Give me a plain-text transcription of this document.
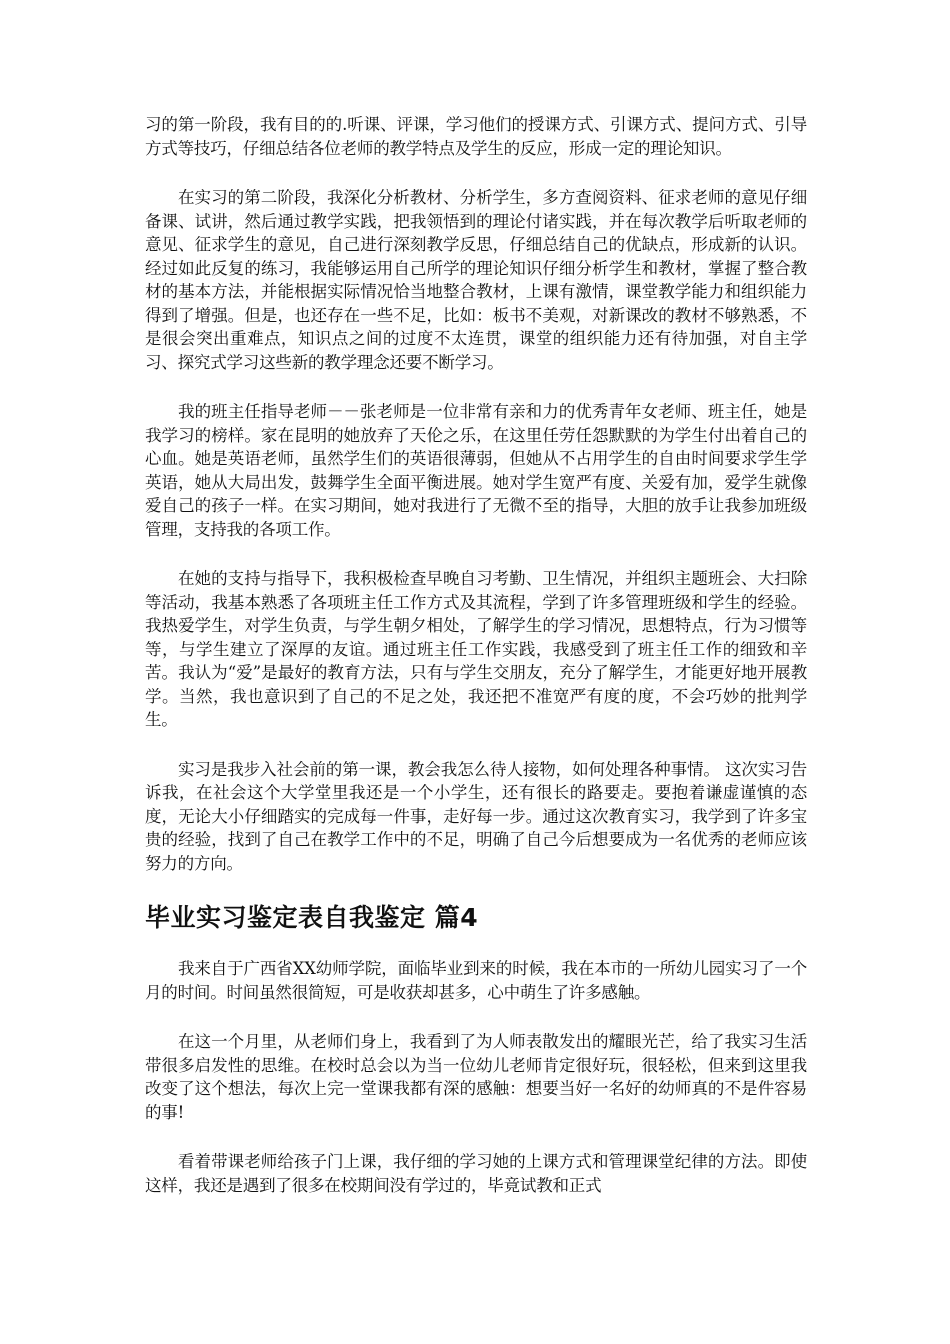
习的第一阶段，我有目的的.听课、评课，学习他们的授课方式、引课方式、提问方式、引导方式等技巧，仔细总结各位老师的教学特点及学生的反应，形成一定的理论知识。

在实习的第二阶段，我深化分析教材、分析学生，多方查阅资料、征求老师的意见仔细备课、试讲，然后通过教学实践，把我领悟到的理论付诸实践，并在每次教学后听取老师的意见、征求学生的意见，自己进行深刻教学反思，仔细总结自己的优缺点，形成新的认识。经过如此反复的练习，我能够运用自己所学的理论知识仔细分析学生和教材，掌握了整合教材的基本方法，并能根据实际情况恰当地整合教材，上课有激情，课堂教学能力和组织能力得到了增强。但是，也还存在一些不足，比如：板书不美观，对新课改的教材不够熟悉，不是很会突出重难点，知识点之间的过度不太连贯，课堂的组织能力还有待加强，对自主学习、探究式学习这些新的教学理念还要不断学习。

我的班主任指导老师－－张老师是一位非常有亲和力的优秀青年女老师、班主任，她是我学习的榜样。家在昆明的她放弃了天伦之乐，在这里任劳任怨默默的为学生付出着自己的心血。她是英语老师，虽然学生们的英语很薄弱，但她从不占用学生的自由时间要求学生学英语，她从大局出发，鼓舞学生全面平衡进展。她对学生宽严有度、关爱有加，爱学生就像爱自己的孩子一样。在实习期间，她对我进行了无微不至的指导，大胆的放手让我参加班级管理，支持我的各项工作。

在她的支持与指导下，我积极检查早晚自习考勤、卫生情况，并组织主题班会、大扫除等活动，我基本熟悉了各项班主任工作方式及其流程，学到了许多管理班级和学生的经验。我热爱学生，对学生负责，与学生朝夕相处，了解学生的学习情况，思想特点，行为习惯等等，与学生建立了深厚的友谊。通过班主任工作实践，我感受到了班主任工作的细致和辛苦。我认为“爱”是最好的教育方法，只有与学生交朋友，充分了解学生，才能更好地开展教学。当然，我也意识到了自己的不足之处，我还把不准宽严有度的度，不会巧妙的批判学生。

实习是我步入社会前的第一课，教会我怎么待人接物，如何处理各种事情。 这次实习告诉我，在社会这个大学堂里我还是一个小学生，还有很长的路要走。要抱着谦虚谨慎的态度，无论大小仔细踏实的完成每一件事，走好每一步。通过这次教育实习，我学到了许多宝贵的经验，找到了自己在教学工作中的不足，明确了自己今后想要成为一名优秀的老师应该努力的方向。

毕业实习鉴定表自我鉴定 篇4

我来自于广西省XX幼师学院，面临毕业到来的时候，我在本市的一所幼儿园实习了一个月的时间。时间虽然很简短，可是收获却甚多，心中萌生了许多感触。

在这一个月里，从老师们身上，我看到了为人师表散发出的耀眼光芒，给了我实习生活带很多启发性的思维。在校时总会以为当一位幼儿老师肯定很好玩，很轻松，但来到这里我改变了这个想法，每次上完一堂课我都有深的感触：想要当好一名好的幼师真的不是件容易的事!

看着带课老师给孩子门上课，我仔细的学习她的上课方式和管理课堂纪律的方法。即使这样，我还是遇到了很多在校期间没有学过的，毕竟试教和正式
